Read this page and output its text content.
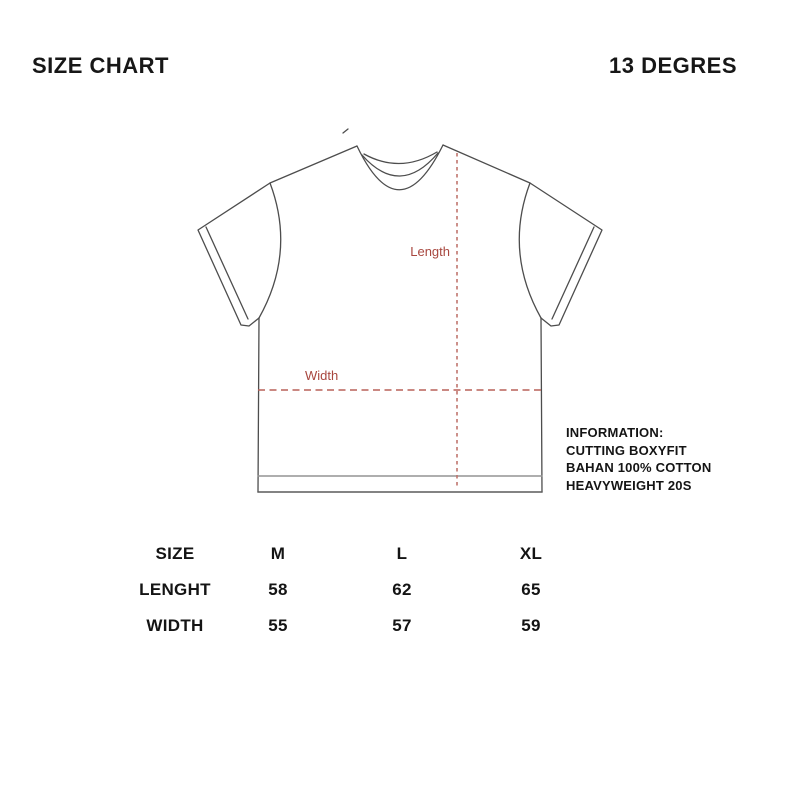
SIZE CHART	13 DEGRES
Length
Width
INFORMATION:
CUTTING BOXYFIT
BAHAN 100% COTTON
HEAVYWEIGHT 20S
SIZE	M	L	XL
LENGHT	58	62	65
WIDTH	55	57	59
